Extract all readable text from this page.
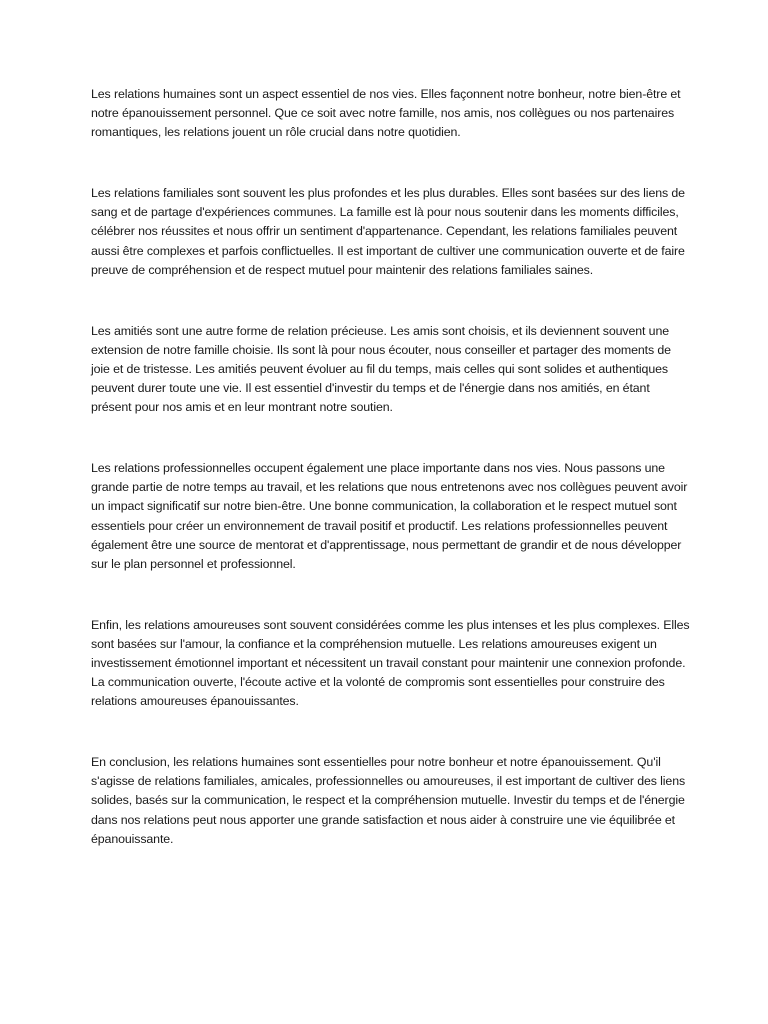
Les relations humaines sont un aspect essentiel de nos vies. Elles façonnent notre bonheur, notre bien-être et notre épanouissement personnel. Que ce soit avec notre famille, nos amis, nos collègues ou nos partenaires romantiques, les relations jouent un rôle crucial dans notre quotidien.

Les relations familiales sont souvent les plus profondes et les plus durables. Elles sont basées sur des liens de sang et de partage d'expériences communes. La famille est là pour nous soutenir dans les moments difficiles, célébrer nos réussites et nous offrir un sentiment d'appartenance. Cependant, les relations familiales peuvent aussi être complexes et parfois conflictuelles. Il est important de cultiver une communication ouverte et de faire preuve de compréhension et de respect mutuel pour maintenir des relations familiales saines.

Les amitiés sont une autre forme de relation précieuse. Les amis sont choisis, et ils deviennent souvent une extension de notre famille choisie. Ils sont là pour nous écouter, nous conseiller et partager des moments de joie et de tristesse. Les amitiés peuvent évoluer au fil du temps, mais celles qui sont solides et authentiques peuvent durer toute une vie. Il est essentiel d'investir du temps et de l'énergie dans nos amitiés, en étant présent pour nos amis et en leur montrant notre soutien.

Les relations professionnelles occupent également une place importante dans nos vies. Nous passons une grande partie de notre temps au travail, et les relations que nous entretenons avec nos collègues peuvent avoir un impact significatif sur notre bien-être. Une bonne communication, la collaboration et le respect mutuel sont essentiels pour créer un environnement de travail positif et productif. Les relations professionnelles peuvent également être une source de mentorat et d'apprentissage, nous permettant de grandir et de nous développer sur le plan personnel et professionnel.

Enfin, les relations amoureuses sont souvent considérées comme les plus intenses et les plus complexes. Elles sont basées sur l'amour, la confiance et la compréhension mutuelle. Les relations amoureuses exigent un investissement émotionnel important et nécessitent un travail constant pour maintenir une connexion profonde. La communication ouverte, l'écoute active et la volonté de compromis sont essentielles pour construire des relations amoureuses épanouissantes.

En conclusion, les relations humaines sont essentielles pour notre bonheur et notre épanouissement. Qu'il s'agisse de relations familiales, amicales, professionnelles ou amoureuses, il est important de cultiver des liens solides, basés sur la communication, le respect et la compréhension mutuelle. Investir du temps et de l'énergie dans nos relations peut nous apporter une grande satisfaction et nous aider à construire une vie équilibrée et épanouissante.
